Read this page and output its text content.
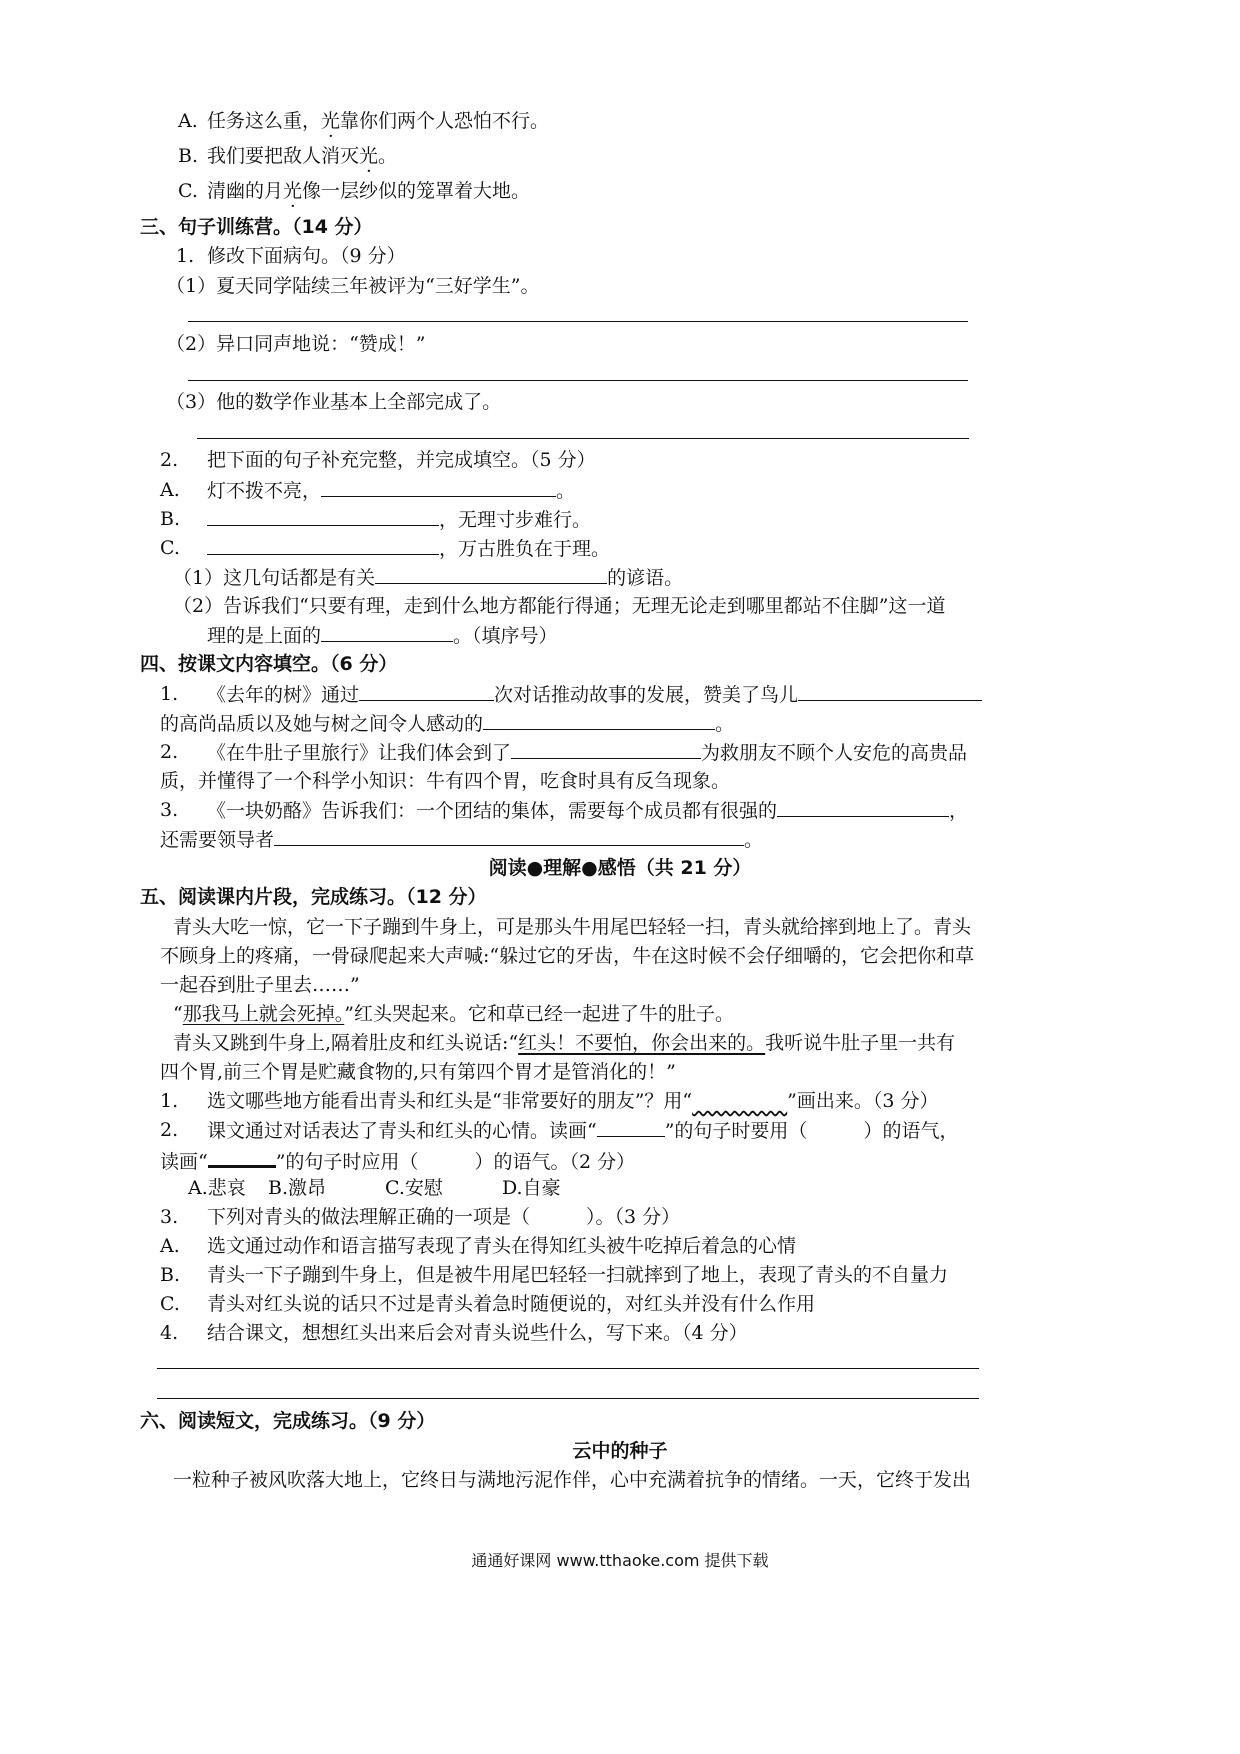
A. 任务这么重，光靠你们两个人恐怕不行。
B. 我们要把敌人消灭光。
C. 清幽的月光像一层纱似的笼罩着大地。
三、句子训练营。（14 分）
1. 修改下面病句。（9 分）
（1）夏天同学陆续三年被评为“三好学生”。
（2）异口同声地说：“赞成！”
（3）他的数学作业基本上全部完成了。
2. 把下面的句子补充完整，并完成填空。（5 分）
A. 灯不拨不亮，	。
B.	，无理寸步难行。
C.	，万古胜负在于理。
（1）这几句话都是有关	的谚语。
（2）告诉我们“只要有理，走到什么地方都能行得通；无理无论走到哪里都站不住脚”这一道
理的是上面的	。（填序号）
四、按课文内容填空。（6 分）
1. 《去年的树》通过	次对话推动故事的发展，赞美了鸟儿
的高尚品质以及她与树之间令人感动的	。
2. 《在牛肚子里旅行》让我们体会到了	为救朋友不顾个人安危的高贵品
质，并懂得了一个科学小知识：牛有四个胃，吃食时具有反刍现象。
3. 《一块奶酪》告诉我们：一个团结的集体，需要每个成员都有很强的	，
还需要领导者	。
阅读●理解●感悟（共 21 分）
五、阅读课内片段，完成练习。（12 分）
青头大吃一惊，它一下子蹦到牛身上，可是那头牛用尾巴轻轻一扫，青头就给摔到地上了。青头
不顾身上的疼痛，一骨碌爬起来大声喊:“躲过它的牙齿，牛在这时候不会仔细嚼的，它会把你和草
一起吞到肚子里去……”
“那我马上就会死掉。”红头哭起来。它和草已经一起进了牛的肚子。
青头又跳到牛身上,隔着肚皮和红头说话:“红头！不要怕，你会出来的。我听说牛肚子里一共有
四个胃,前三个胃是贮藏食物的,只有第四个胃才是管消化的！”
1. 选文哪些地方能看出青头和红头是“非常要好的朋友”？用“	”画出来。（3 分）
2. 课文通过对话表达了青头和红头的心情。读画“	”的句子时要用（	）的语气，
读画“	”的句子时应用（	）的语气。（2 分）
A.悲哀 B.激昂	C.安慰	D.自豪
3. 下列对青头的做法理解正确的一项是（	）。（3 分）
A. 选文通过动作和语言描写表现了青头在得知红头被牛吃掉后着急的心情
B. 青头一下子蹦到牛身上，但是被牛用尾巴轻轻一扫就摔到了地上，表现了青头的不自量力
C. 青头对红头说的话只不过是青头着急时随便说的，对红头并没有什么作用
4. 结合课文，想想红头出来后会对青头说些什么，写下来。（4 分）
六、阅读短文，完成练习。（9 分）
云中的种子
一粒种子被风吹落大地上，它终日与满地污泥作伴，心中充满着抗争的情绪。一天，它终于发出
通通好课网 www.tthaoke.com 提供下载
